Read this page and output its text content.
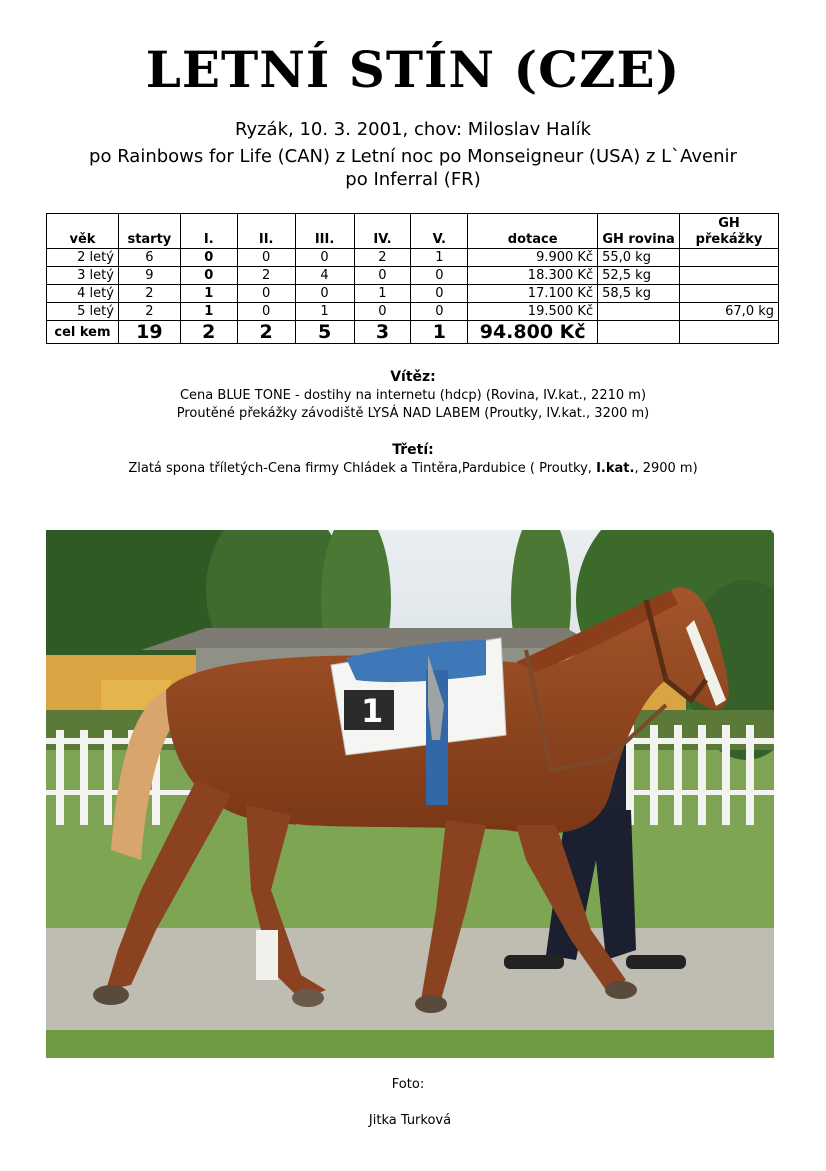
LETNÍ STÍN (CZE)
Ryzák, 10. 3. 2001, chov: Miloslav Halík
po Rainbows for Life (CAN) z Letní noc po Monseigneur (USA) z L`Avenir
po Inferral (FR)
věk	starty	I.	II.	III.	IV.	V.	dotace	GH rovina	GH překážky
2 letý	6	0	0	0	2	1	9.900 Kč	55,0 kg	
3 letý	9	0	2	4	0	0	18.300 Kč	52,5 kg	
4 letý	2	1	0	0	1	0	17.100 Kč	58,5 kg	
5 letý	2	1	0	1	0	0	19.500 Kč		67,0 kg
cel kem	19	2	2	5	3	1	94.800 Kč		
Vítěz:
Cena BLUE TONE - dostihy na internetu (hdcp) (Rovina, IV.kat., 2210 m)
Proutěné překážky závodiště LYSÁ NAD LABEM (Proutky, IV.kat., 3200 m)
Třetí:
Zlatá spona tříletých-Cena firmy Chládek a Tintěra,Pardubice ( Proutky, I.kat., 2900 m)
1
Foto:
Jitka Turková
